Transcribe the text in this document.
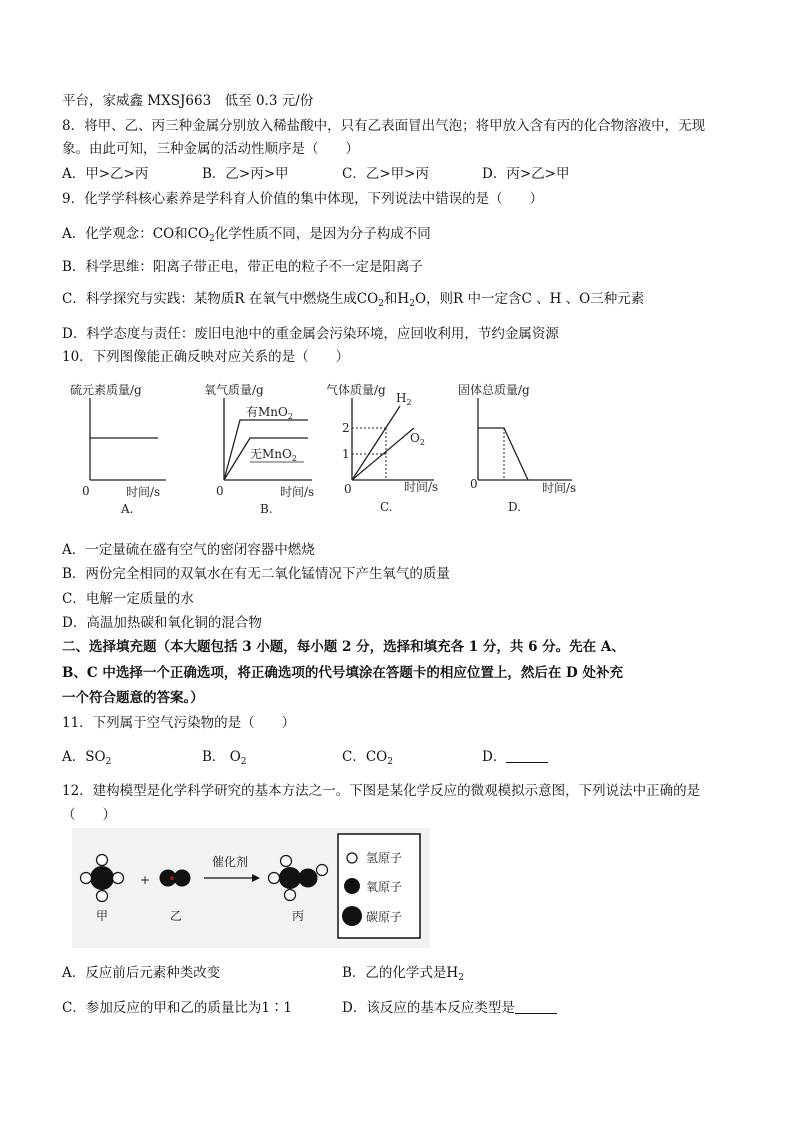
平台，家威鑫 MXSJ663　低至 0.3 元/份
8．将甲、乙、丙三种金属分别放入稀盐酸中，只有乙表面冒出气泡；将甲放入含有丙的化合物溶液中，无现
象。由此可知，三种金属的活动性顺序是（　　）
A．甲>乙>丙	B．乙>丙>甲	C．乙>甲>丙	D．丙>乙>甲
9．化学学科核心素养是学科育人价值的集中体现，下列说法中错误的是（　　）
A．化学观念：CO和$CO_2$化学性质不同，是因为分子构成不同
B．科学思维：阳离子带正电，带正电的粒子不一定是阳离子
C．科学探究与实践：某物质R 在氧气中燃烧生成$CO_2$和$H_2O$，则R 中一定含C 、H 、O三种元素
D．科学态度与责任：废旧电池中的重金属会污染环境，应回收利用，节约金属资源
10．下列图像能正确反映对应关系的是（　　）
硫元素质量/g
0	时间/s
A.
氧气质量/g
有MnO$_2$
无MnO$_2$
0	时间/s
B.
气体质量/g
2
1
$H_2$
$O_2$
0	时间/s
C.
固体总质量/g
0	时间/s
D.
A．一定量硫在盛有空气的密闭容器中燃烧
B．两份完全相同的双氧水在有无二氧化锰情况下产生氧气的质量
C．电解一定质量的水
D．高温加热碳和氧化铜的混合物
二、选择填充题（本大题包括 3 小题，每小题 2 分，选择和填充各 1 分，共 6 分。先在 A、
B、C 中选择一个正确选项，将正确选项的代号填涂在答题卡的相应位置上，然后在 D 处补充
一个符合题意的答案。）
11．下列属于空气污染物的是（　　）
A．$SO_2$	B． $O_2$	C．$CO_2$	D．
12．建构模型是化学科学研究的基本方法之一。下图是某化学反应的微观模拟示意图，下列说法中正确的是
（　　）
甲
+
乙
催化剂
丙
氢原子
氧原子
碳原子
A．反应前后元素种类改变	B．乙的化学式是$H_2$
C．参加反应的甲和乙的质量比为1∶1	D．该反应的基本反应类型是
